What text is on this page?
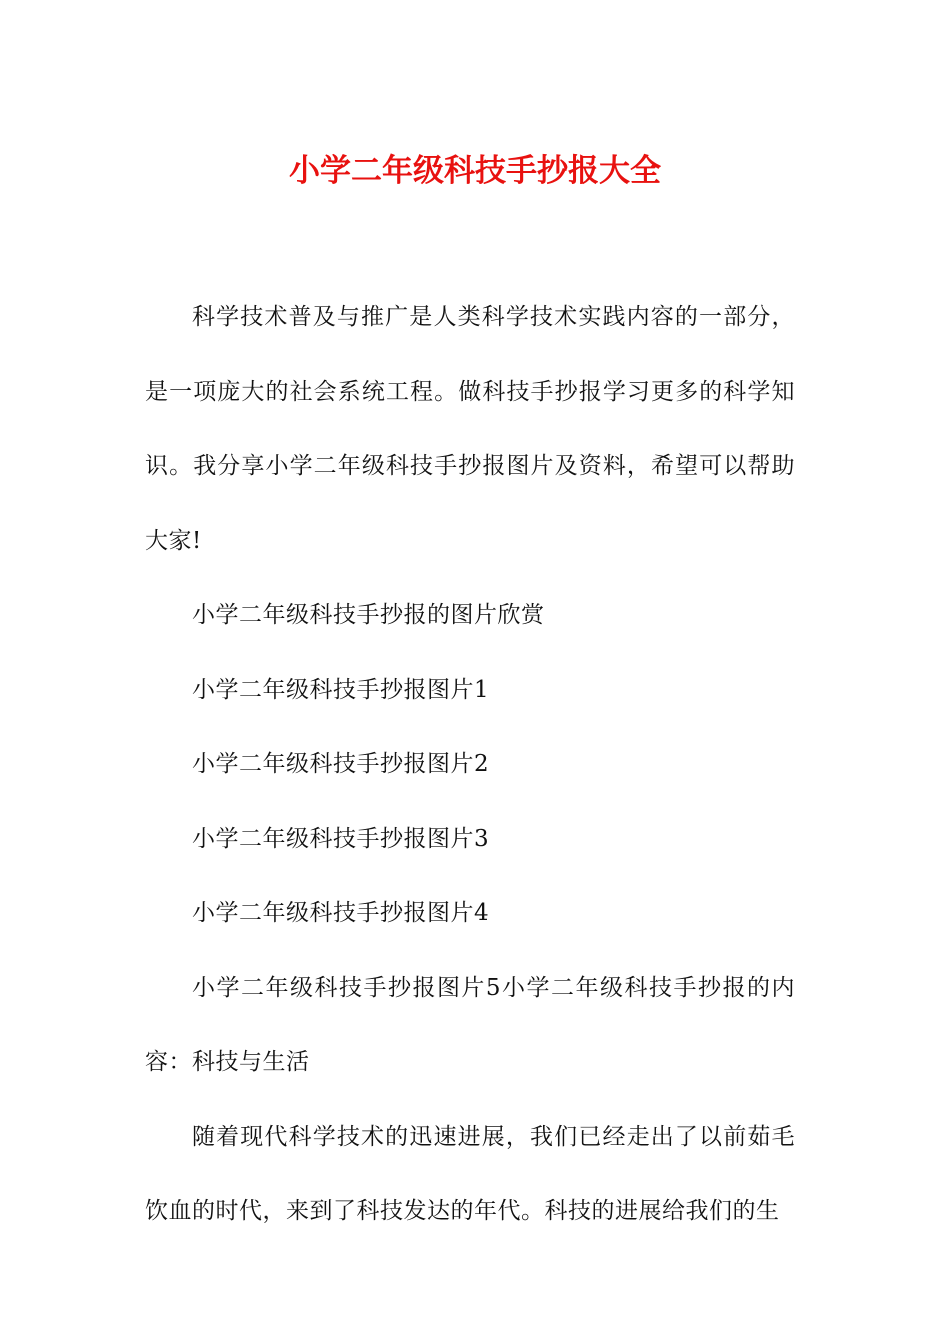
小学二年级科技手抄报大全

科学技术普及与推广是人类科学技术实践内容的一部分，是一项庞大的社会系统工程。做科技手抄报学习更多的科学知识。我分享小学二年级科技手抄报图片及资料，希望可以帮助大家!

小学二年级科技手抄报的图片欣赏

小学二年级科技手抄报图片1

小学二年级科技手抄报图片2

小学二年级科技手抄报图片3

小学二年级科技手抄报图片4

小学二年级科技手抄报图片5小学二年级科技手抄报的内容：科技与生活

随着现代科学技术的迅速进展，我们已经走出了以前茹毛饮血的时代，来到了科技发达的年代。科技的进展给我们的生
